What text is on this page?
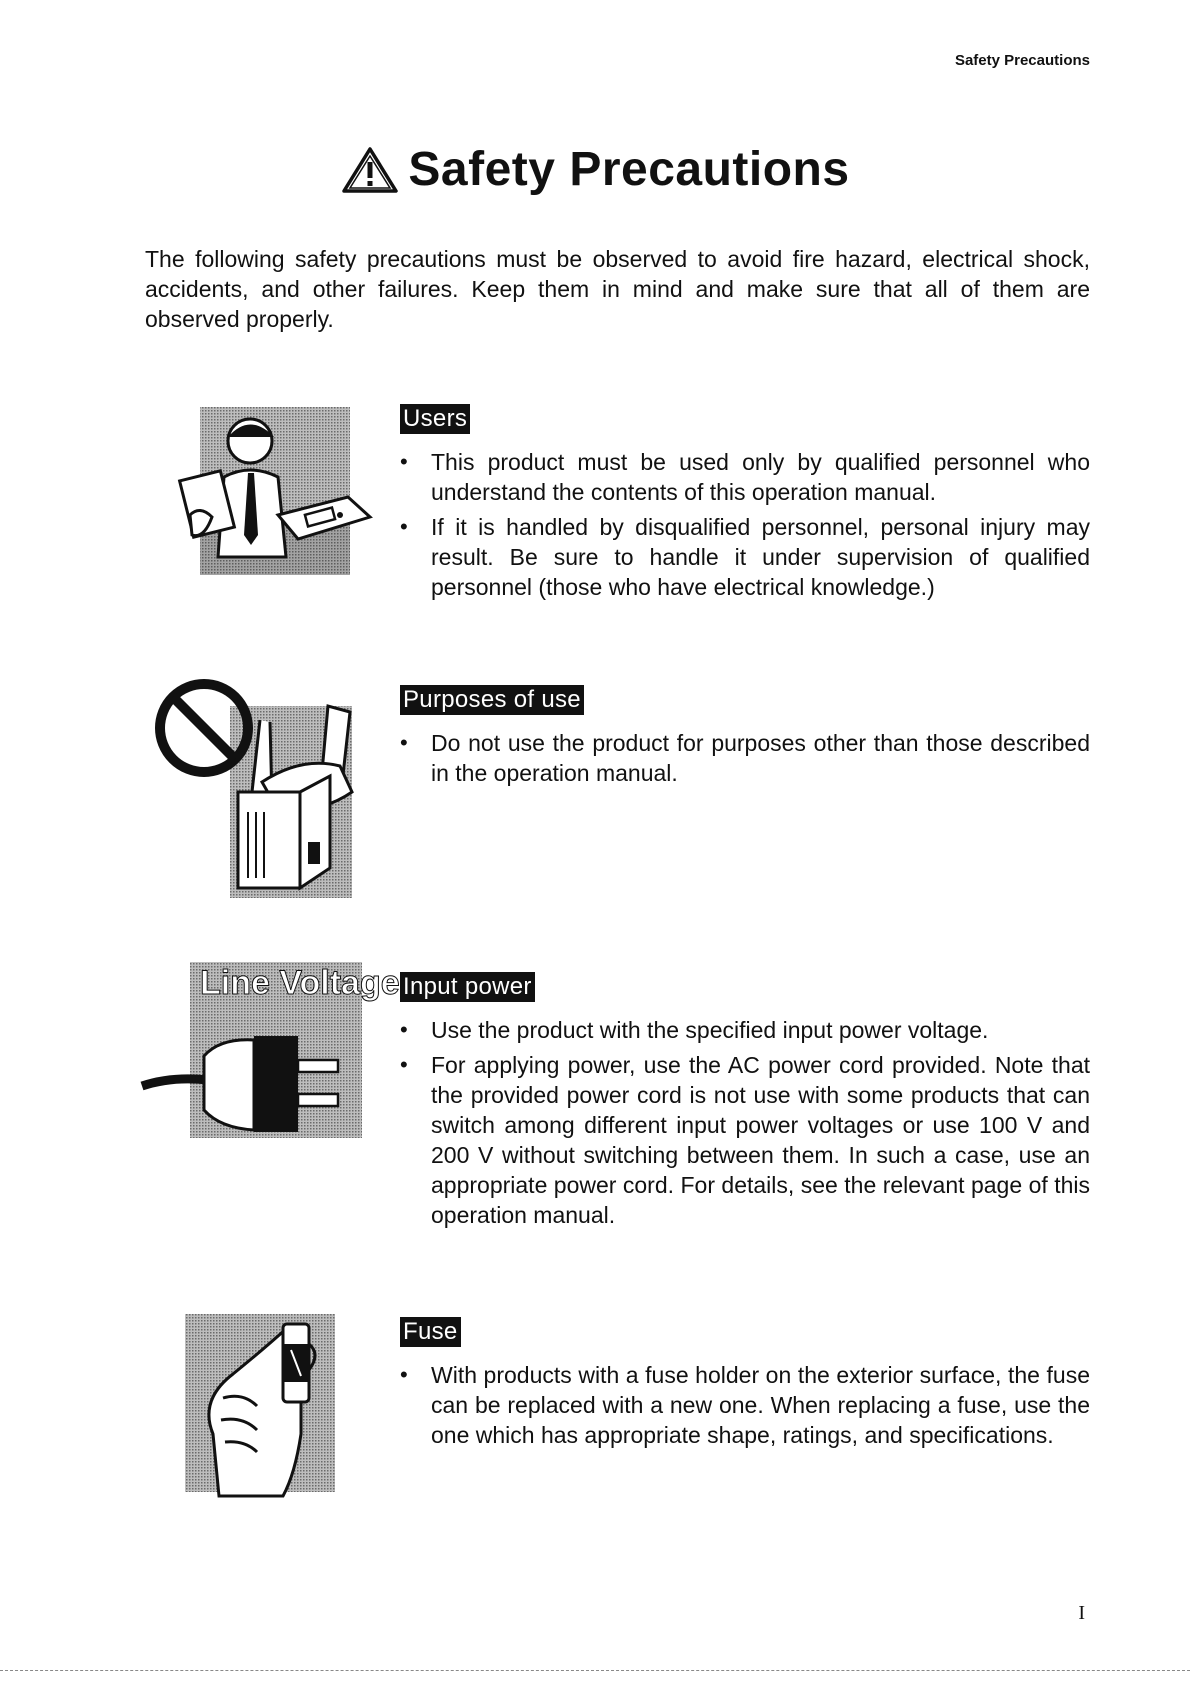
Safety Precautions
Safety Precautions
The following safety precautions must be observed to avoid fire hazard, electrical shock, accidents, and other failures. Keep them in mind and make sure that all of them are observed properly.
Users
• This product must be used only by qualified personnel who understand the contents of this operation manual.
• If it is handled by disqualified personnel, personal injury may result. Be sure to handle it under supervision of qualified personnel (those who have electrical knowledge.)
Purposes of use
• Do not use the product for purposes other than those described in the operation manual.
Line Voltage Input power
• Use the product with the specified input power voltage.
• For applying power, use the AC power cord provided. Note that the provided power cord is not use with some products that can switch among different input power voltages or use 100 V and 200 V without switching between them. In such a case, use an appropriate power cord. For details, see the relevant page of this operation manual.
Fuse
• With products with a fuse holder on the exterior surface, the fuse can be replaced with a new one. When replacing a fuse, use the one which has appropriate shape, ratings, and specifications.
I
